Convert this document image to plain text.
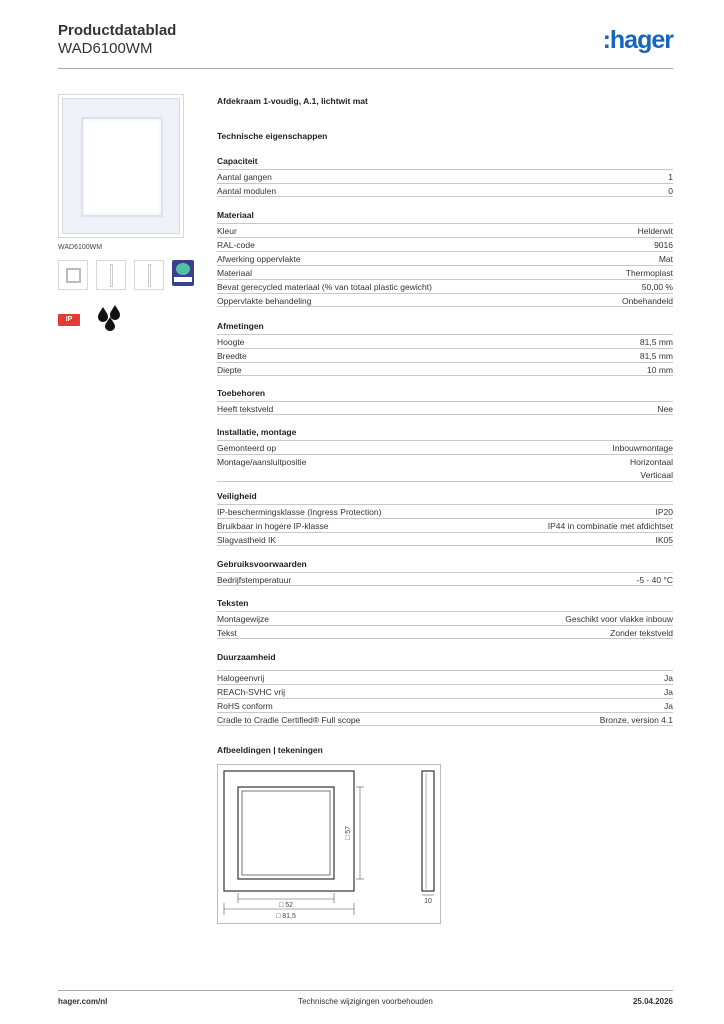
Productdatablad
WAD6100WM	:hager
WAD6100WM
IP
Afdekraam 1-voudig, A.1, lichtwit mat
Technische eigenschappen
Capaciteit
Aantal gangen	1
Aantal modulen	0
Materiaal
Kleur	Helderwit
RAL-code	9016
Afwerking oppervlakte	Mat
Materiaal	Thermoplast
Bevat gerecycled materiaal (% van totaal plastic gewicht)	50,00 %
Oppervlakte behandeling	Onbehandeld
Afmetingen
Hoogte	81,5 mm
Breedte	81,5 mm
Diepte	10 mm
Toebehoren
Heeft tekstveld	Nee
Installatie, montage
Gemonteerd op	Inbouwmontage
Montage/aansluitpositie	Horizontaal
Verticaal
Veiligheid
IP-beschermingsklasse (Ingress Protection)	IP20
Bruikbaar in hogere IP-klasse	IP44 in combinatie met afdichtset
Slagvastheid IK	IK05
Gebruiksvoorwaarden
Bedrijfstemperatuur	-5 - 40 °C
Teksten
Montagewijze	Geschikt voor vlakke inbouw
Tekst	Zonder tekstveld
Duurzaamheid
Halogeenvrij	Ja
REACh-SVHC vrij	Ja
RoHS conform	Ja
Cradle to Cradle Certified® Full scope	Bronze, version 4.1
Afbeeldingen | tekeningen
□ 57
□ 52
□ 81,5
10
hager.com/nl	Technische wijzigingen voorbehouden	25.04.2026
